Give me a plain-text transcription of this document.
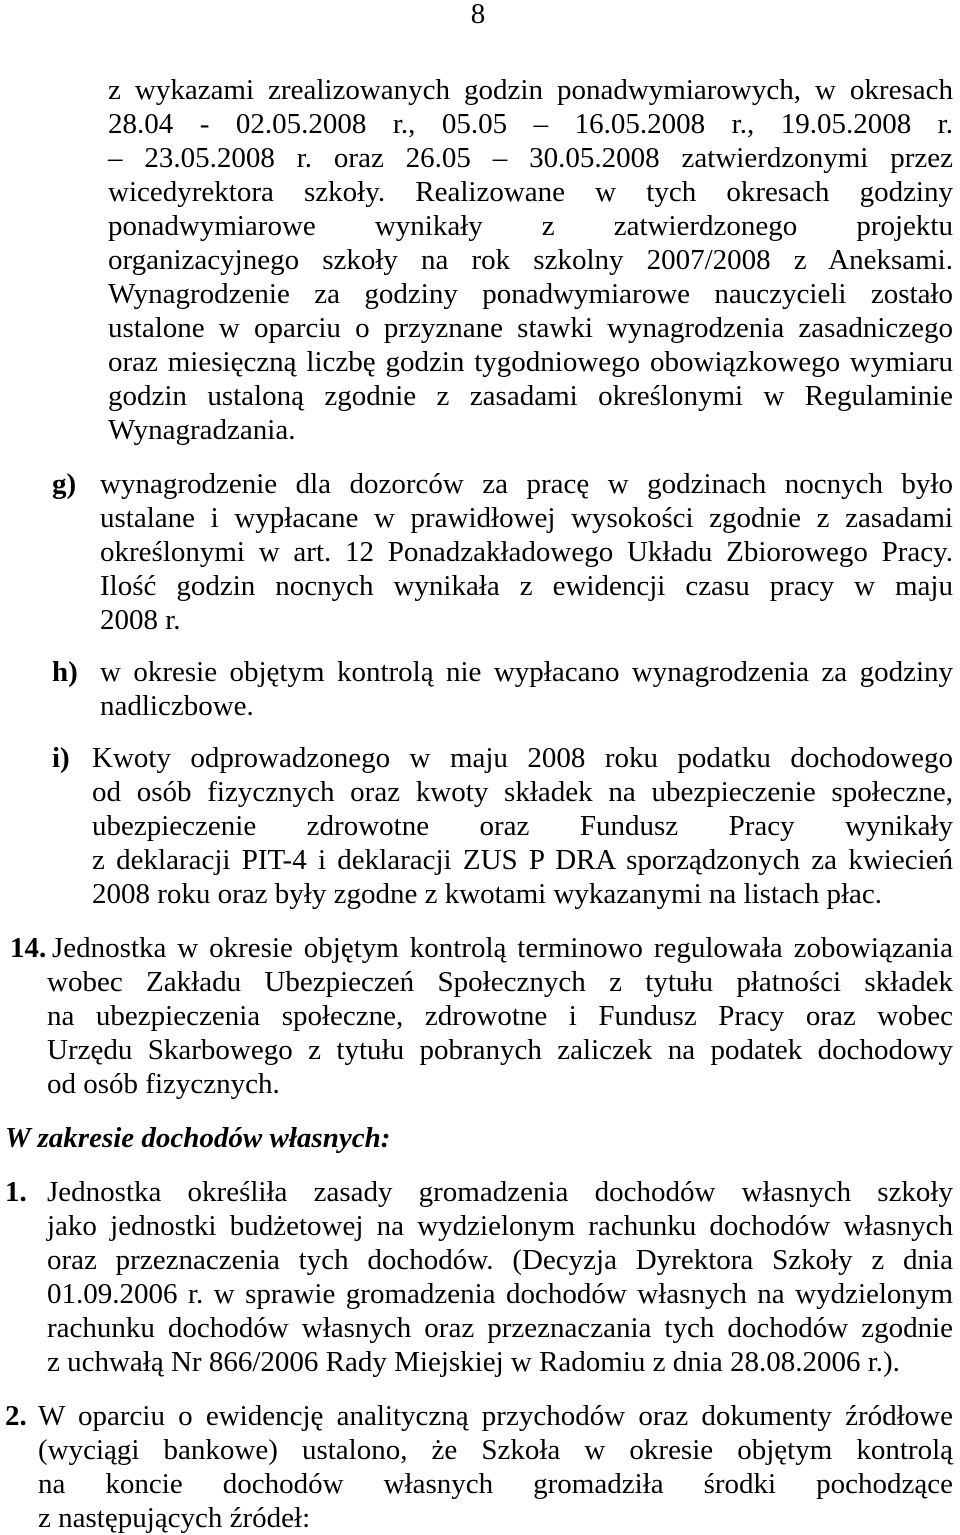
8
z wykazami zrealizowanych godzin ponadwymiarowych, w okresach
28.04 - 02.05.2008 r., 05.05 – 16.05.2008 r., 19.05.2008 r.
– 23.05.2008 r. oraz 26.05 – 30.05.2008 zatwierdzonymi przez
wicedyrektora szkoły. Realizowane w tych okresach godziny
ponadwymiarowe wynikały z zatwierdzonego projektu
organizacyjnego szkoły na rok szkolny 2007/2008 z Aneksami.
Wynagrodzenie za godziny ponadwymiarowe nauczycieli zostało
ustalone w oparciu o przyznane stawki wynagrodzenia zasadniczego
oraz miesięczną liczbę godzin tygodniowego obowiązkowego wymiaru
godzin ustaloną zgodnie z zasadami określonymi w Regulaminie
Wynagradzania.
g) wynagrodzenie dla dozorców za pracę w godzinach nocnych było
ustalane i wypłacane w prawidłowej wysokości zgodnie z zasadami
określonymi w art. 12 Ponadzakładowego Układu Zbiorowego Pracy.
Ilość godzin nocnych wynikała z ewidencji czasu pracy w maju
2008 r.
h) w okresie objętym kontrolą nie wypłacano wynagrodzenia za godziny
nadliczbowe.
i) Kwoty odprowadzonego w maju 2008 roku podatku dochodowego
od osób fizycznych oraz kwoty składek na ubezpieczenie społeczne,
ubezpieczenie zdrowotne oraz Fundusz Pracy wynikały
z deklaracji PIT-4 i deklaracji ZUS P DRA sporządzonych za kwiecień
2008 roku oraz były zgodne z kwotami wykazanymi na listach płac.
14. Jednostka w okresie objętym kontrolą terminowo regulowała zobowiązania
wobec Zakładu Ubezpieczeń Społecznych z tytułu płatności składek
na ubezpieczenia społeczne, zdrowotne i Fundusz Pracy oraz wobec
Urzędu Skarbowego z tytułu pobranych zaliczek na podatek dochodowy
od osób fizycznych.
W zakresie dochodów własnych:
1. Jednostka określiła zasady gromadzenia dochodów własnych szkoły
jako jednostki budżetowej na wydzielonym rachunku dochodów własnych
oraz przeznaczenia tych dochodów. (Decyzja Dyrektora Szkoły z dnia
01.09.2006 r. w sprawie gromadzenia dochodów własnych na wydzielonym
rachunku dochodów własnych oraz przeznaczania tych dochodów zgodnie
z uchwałą Nr 866/2006 Rady Miejskiej w Radomiu z dnia 28.08.2006 r.).
2. W oparciu o ewidencję analityczną przychodów oraz dokumenty źródłowe
(wyciągi bankowe) ustalono, że Szkoła w okresie objętym kontrolą
na koncie dochodów własnych gromadziła środki pochodzące
z następujących źródeł:
